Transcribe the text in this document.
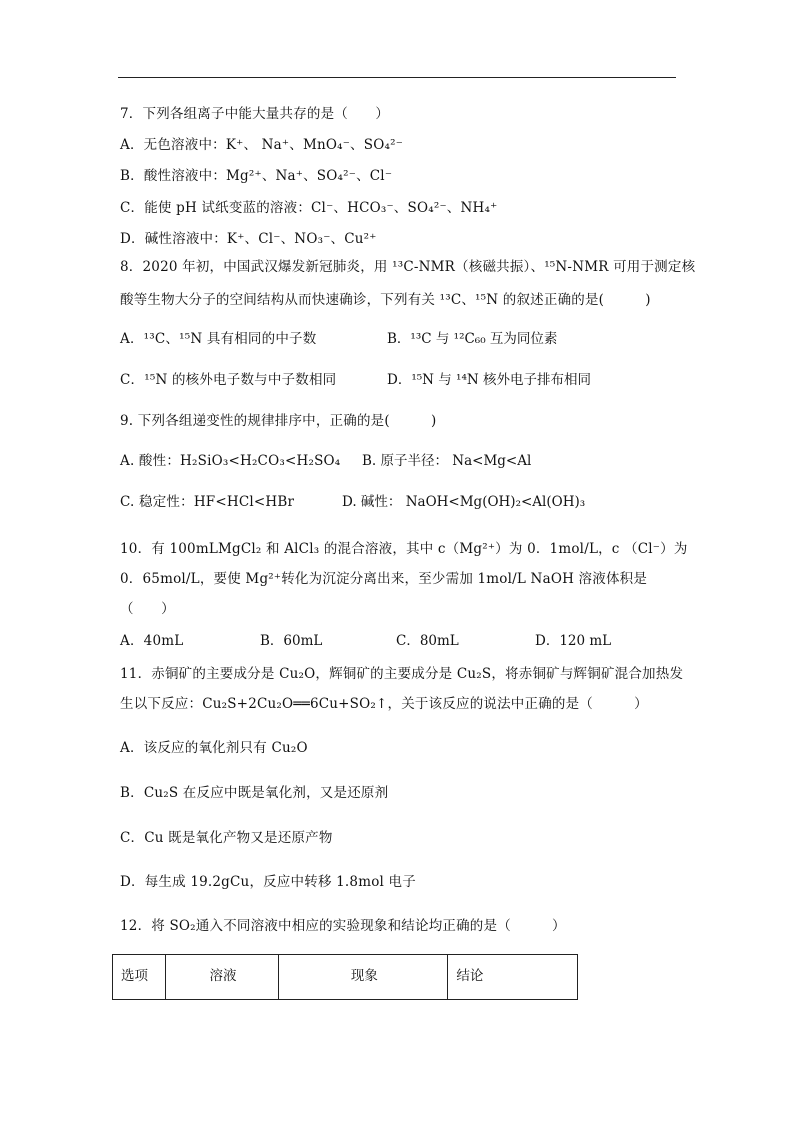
7．下列各组离子中能大量共存的是（　　）
A．无色溶液中：K⁺、 Na⁺、MnO₄⁻、SO₄²⁻
B．酸性溶液中：Mg²⁺、Na⁺、SO₄²⁻、Cl⁻
C．能使 pH 试纸变蓝的溶液：Cl⁻、HCO₃⁻、SO₄²⁻、NH₄⁺
D．碱性溶液中：K⁺、Cl⁻、NO₃⁻、Cu²⁺
8．2020 年初，中国武汉爆发新冠肺炎，用 ¹³C-NMR（核磁共振）、¹⁵N-NMR 可用于测定核
酸等生物大分子的空间结构从而快速确诊，下列有关 ¹³C、¹⁵N 的叙述正确的是(　　　)
A．¹³C、¹⁵N 具有相同的中子数	B．¹³C 与 ¹²C₆₀ 互为同位素
C．¹⁵N 的核外电子数与中子数相同	D．¹⁵N 与 ¹⁴N 核外电子排布相同
9. 下列各组递变性的规律排序中，正确的是(　　　)
A. 酸性：H₂SiO₃<H₂CO₃<H₂SO₄ B. 原子半径： Na<Mg<Al
C. 稳定性：HF<HCl<HBr	D. 碱性： NaOH<Mg(OH)₂<Al(OH)₃
10．有 100mLMgCl₂ 和 AlCl₃ 的混合溶液，其中 c（Mg²⁺）为 0．1mol/L，c （Cl⁻）为
0．65mol/L，要使 Mg²⁺转化为沉淀分离出来，至少需加 1mol/L NaOH 溶液体积是
（　　）
A．40mL	B．60mL	C．80mL	D．120 mL
11．赤铜矿的主要成分是 Cu₂O，辉铜矿的主要成分是 Cu₂S，将赤铜矿与辉铜矿混合加热发
生以下反应：Cu₂S+2Cu₂O══6Cu+SO₂↑，关于该反应的说法中正确的是（　　　）
A．该反应的氧化剂只有 Cu₂O
B．Cu₂S 在反应中既是氧化剂，又是还原剂
C．Cu 既是氧化产物又是还原产物
D．每生成 19.2gCu，反应中转移 1.8mol 电子
12．将 SO₂通入不同溶液中相应的实验现象和结论均正确的是（　　　）
选项	溶液	现象	结论
